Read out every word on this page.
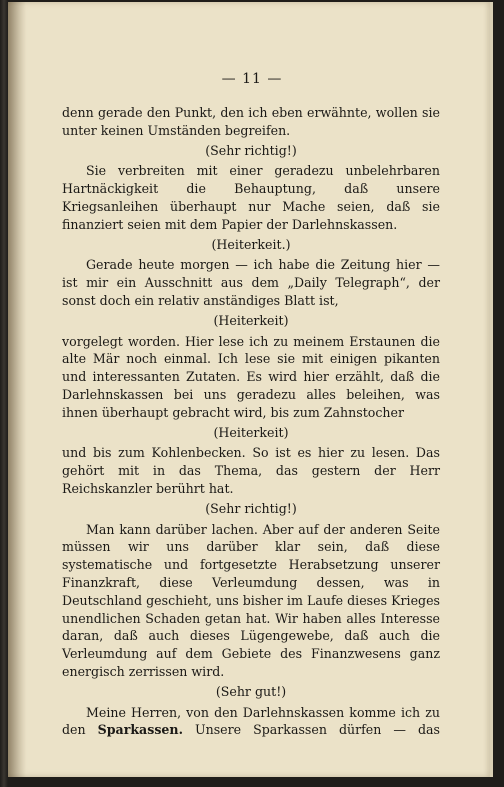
— 11 —

denn gerade den Punkt, den ich eben erwähnte, wollen sie unter keinen Umständen begreifen.

(Sehr richtig!)

Sie verbreiten mit einer geradezu unbelehrbaren Hartnäckigkeit die Behauptung, daß unsere Kriegsanleihen überhaupt nur Mache seien, daß sie finanziert seien mit dem Papier der Darlehnskassen.

(Heiterkeit.)

Gerade heute morgen — ich habe die Zeitung hier — ist mir ein Ausschnitt aus dem „Daily Telegraph“, der sonst doch ein relativ anständiges Blatt ist,

(Heiterkeit)

vorgelegt worden. Hier lese ich zu meinem Erstaunen die alte Mär noch einmal. Ich lese sie mit einigen pikanten und interessanten Zutaten. Es wird hier erzählt, daß die Darlehnskassen bei uns geradezu alles beleihen, was ihnen überhaupt gebracht wird, bis zum Zahnstocher

(Heiterkeit)

und bis zum Kohlenbecken. So ist es hier zu lesen. Das gehört mit in das Thema, das gestern der Herr Reichskanzler berührt hat.

(Sehr richtig!)

Man kann darüber lachen. Aber auf der anderen Seite müssen wir uns darüber klar sein, daß diese systematische und fortgesetzte Herabsetzung unserer Finanzkraft, diese Verleumdung dessen, was in Deutschland geschieht, uns bisher im Laufe dieses Krieges unendlichen Schaden getan hat. Wir haben alles Interesse daran, daß auch dieses Lügengewebe, daß auch die Verleumdung auf dem Gebiete des Finanzwesens ganz energisch zerrissen wird.

(Sehr gut!)

Meine Herren, von den Darlehnskassen komme ich zu den Sparkassen. Unsere Sparkassen dürfen — das
